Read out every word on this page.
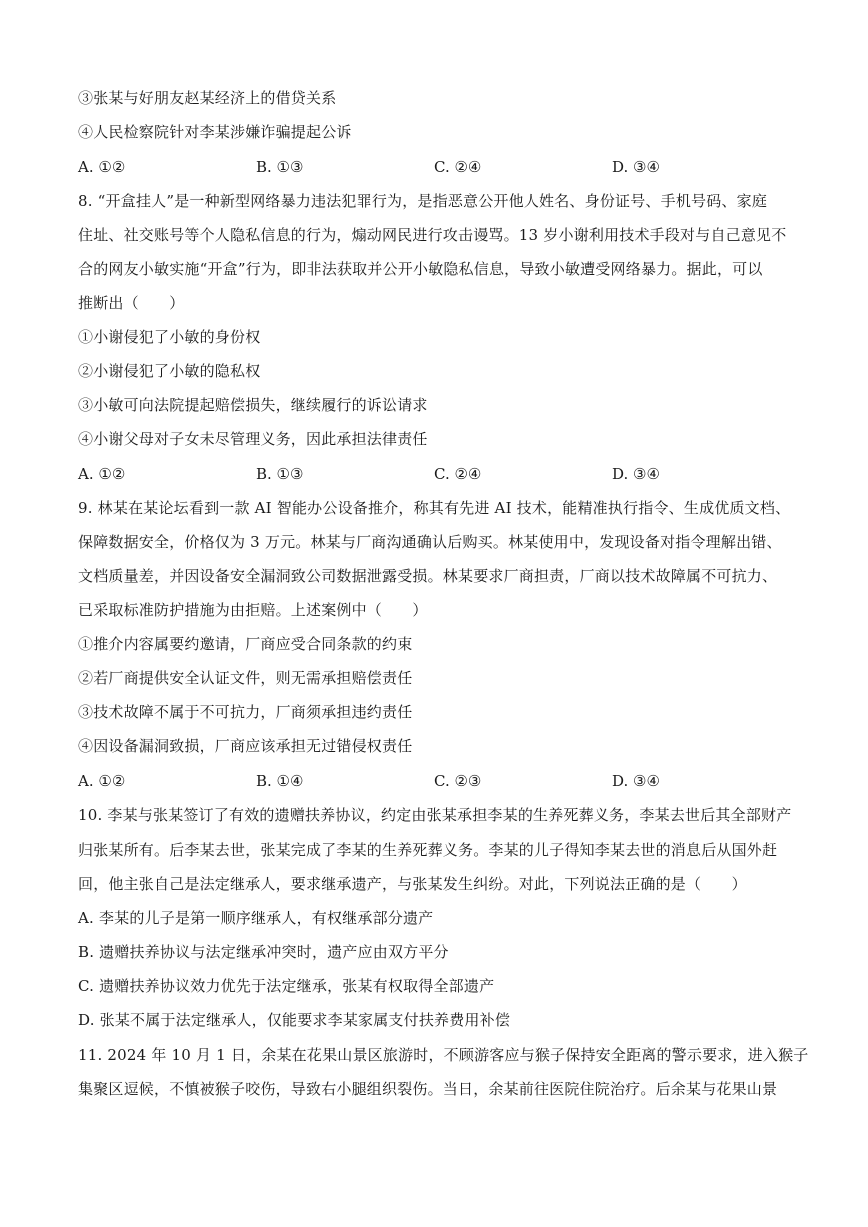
③张某与好朋友赵某经济上的借贷关系
④人民检察院针对李某涉嫌诈骗提起公诉
A. ①②	B. ①③	C. ②④	D. ③④
8. “开盒挂人”是一种新型网络暴力违法犯罪行为，是指恶意公开他人姓名、身份证号、手机号码、家庭
住址、社交账号等个人隐私信息的行为，煽动网民进行攻击谩骂。13 岁小谢利用技术手段对与自己意见不
合的网友小敏实施“开盒”行为，即非法获取并公开小敏隐私信息，导致小敏遭受网络暴力。据此，可以
推断出（　　）
①小谢侵犯了小敏的身份权
②小谢侵犯了小敏的隐私权
③小敏可向法院提起赔偿损失，继续履行的诉讼请求
④小谢父母对子女未尽管理义务，因此承担法律责任
A. ①②	B. ①③	C. ②④	D. ③④
9. 林某在某论坛看到一款 AI 智能办公设备推介，称其有先进 AI 技术，能精准执行指令、生成优质文档、
保障数据安全，价格仅为 3 万元。林某与厂商沟通确认后购买。林某使用中，发现设备对指令理解出错、
文档质量差，并因设备安全漏洞致公司数据泄露受损。林某要求厂商担责，厂商以技术故障属不可抗力、
已采取标准防护措施为由拒赔。上述案例中（　　）
①推介内容属要约邀请，厂商应受合同条款的约束
②若厂商提供安全认证文件，则无需承担赔偿责任
③技术故障不属于不可抗力，厂商须承担违约责任
④因设备漏洞致损，厂商应该承担无过错侵权责任
A. ①②	B. ①④	C. ②③	D. ③④
10. 李某与张某签订了有效的遗赠扶养协议，约定由张某承担李某的生养死葬义务，李某去世后其全部财产
归张某所有。后李某去世，张某完成了李某的生养死葬义务。李某的儿子得知李某去世的消息后从国外赶
回，他主张自己是法定继承人，要求继承遗产，与张某发生纠纷。对此，下列说法正确的是（　　）
A. 李某的儿子是第一顺序继承人，有权继承部分遗产
B. 遗赠扶养协议与法定继承冲突时，遗产应由双方平分
C. 遗赠扶养协议效力优先于法定继承，张某有权取得全部遗产
D. 张某不属于法定继承人，仅能要求李某家属支付扶养费用补偿
11. 2024 年 10 月 1 日，余某在花果山景区旅游时，不顾游客应与猴子保持安全距离的警示要求，进入猴子
集聚区逗候，不慎被猴子咬伤，导致右小腿组织裂伤。当日，余某前往医院住院治疗。后余某与花果山景
